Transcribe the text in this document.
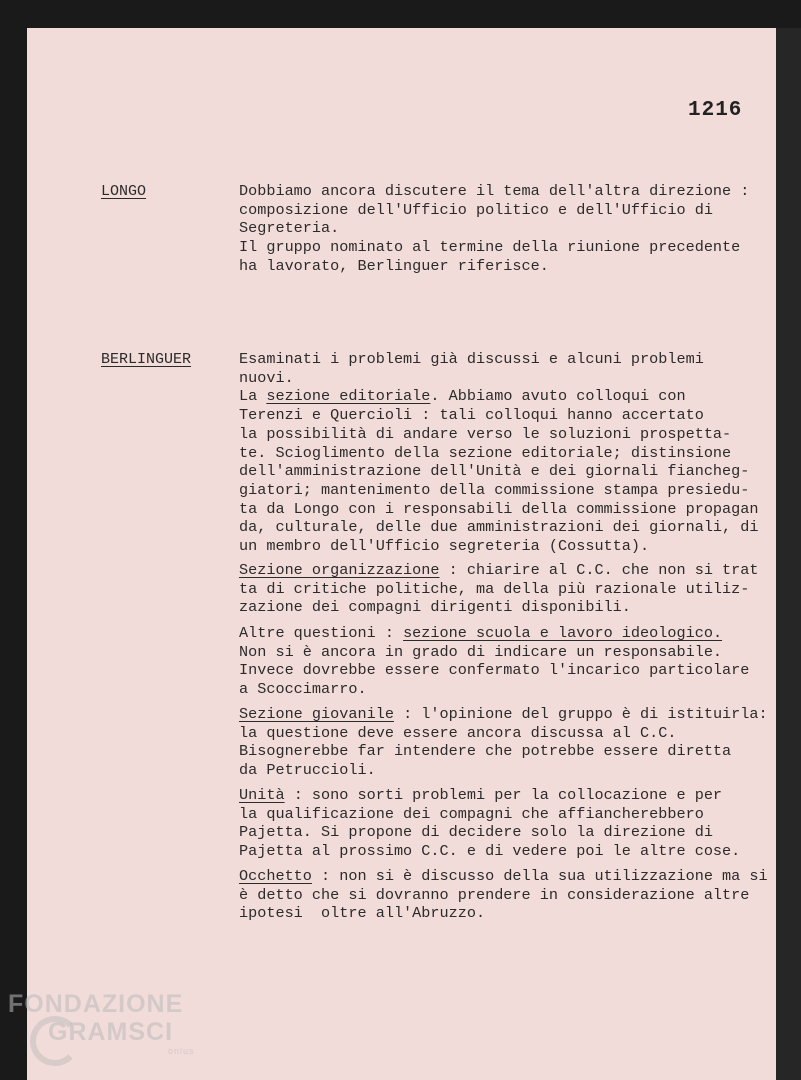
1216
LONGO	Dobbiamo ancora discutere il tema dell'altra direzione :
composizione dell'Ufficio politico e dell'Ufficio di
Segreteria.
Il gruppo nominato al termine della riunione precedente
ha lavorato, Berlinguer riferisce.
BERLINGUER	Esaminati i problemi già discussi e alcuni problemi
nuovi.
La sezione editoriale. Abbiamo avuto colloqui con
Terenzi e Quercioli : tali colloqui hanno accertato
la possibilità di andare verso le soluzioni prospetta-
te. Scioglimento della sezione editoriale; distinsione
dell'amministrazione dell'Unità e dei giornali fiancheg-
giatori; mantenimento della commissione stampa presiedu-
ta da Longo con i responsabili della commissione propagan
da, culturale, delle due amministrazioni dei giornali, di
un membro dell'Ufficio segreteria (Cossutta).
Sezione organizzazione : chiarire al C.C. che non si trat
ta di critiche politiche, ma della più razionale utiliz-
zazione dei compagni dirigenti disponibili.
Altre questioni : sezione scuola e lavoro ideologico.
Non si è ancora in grado di indicare un responsabile.
Invece dovrebbe essere confermato l'incarico particolare
a Scoccimarro.
Sezione giovanile : l'opinione del gruppo è di istituirla:
la questione deve essere ancora discussa al C.C.
Bisognerebbe far intendere che potrebbe essere diretta
da Petruccioli.
Unità : sono sorti problemi per la collocazione e per
la qualificazione dei compagni che affiancherebbero
Pajetta. Si propone di decidere solo la direzione di
Pajetta al prossimo C.C. e di vedere poi le altre cose.
Occhetto : non si è discusso della sua utilizzazione ma si
è detto che si dovranno prendere in considerazione altre
ipotesi  oltre all'Abruzzo.
FONDAZIONE
GRAMSCI
onlus
